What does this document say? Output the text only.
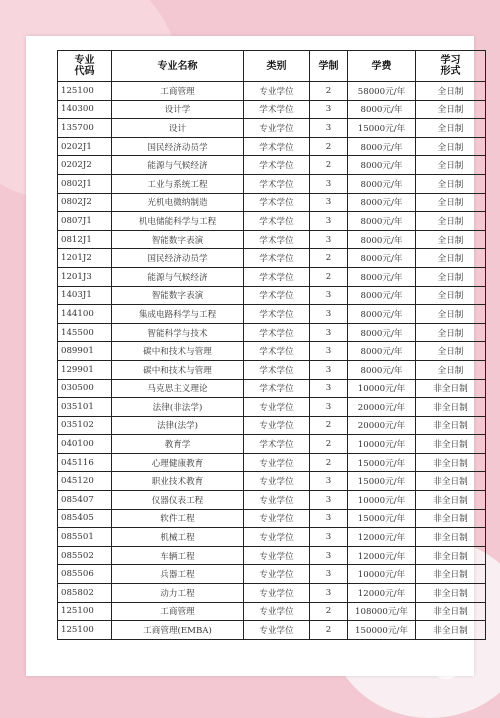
专业
代码	专业名称	类别	学制	学费	学习
形式

125100	工商管理	专业学位	2	58000元/年	全日制
140300	设计学	学术学位	3	8000元/年	全日制
135700	设计	专业学位	3	15000元/年	全日制
0202J1	国民经济动员学	学术学位	2	8000元/年	全日制
0202J2	能源与气候经济	学术学位	2	8000元/年	全日制
0802J1	工业与系统工程	学术学位	3	8000元/年	全日制
0802J2	光机电微纳制造	学术学位	3	8000元/年	全日制
0807J1	机电储能科学与工程	学术学位	3	8000元/年	全日制
0812J1	智能数字表演	学术学位	3	8000元/年	全日制
1201J2	国民经济动员学	学术学位	2	8000元/年	全日制
1201J3	能源与气候经济	学术学位	2	8000元/年	全日制
1403J1	智能数字表演	学术学位	3	8000元/年	全日制
144100	集成电路科学与工程	学术学位	3	8000元/年	全日制
145500	智能科学与技术	学术学位	3	8000元/年	全日制
089901	碳中和技术与管理	学术学位	3	8000元/年	全日制
129901	碳中和技术与管理	学术学位	3	8000元/年	全日制
030500	马克思主义理论	学术学位	3	10000元/年	非全日制
035101	法律(非法学)	专业学位	3	20000元/年	非全日制
035102	法律(法学)	专业学位	2	20000元/年	非全日制
040100	教育学	学术学位	2	10000元/年	非全日制
045116	心理健康教育	专业学位	2	15000元/年	非全日制
045120	职业技术教育	专业学位	3	15000元/年	非全日制
085407	仪器仪表工程	专业学位	3	10000元/年	非全日制
085405	软件工程	专业学位	3	15000元/年	非全日制
085501	机械工程	专业学位	3	12000元/年	非全日制
085502	车辆工程	专业学位	3	12000元/年	非全日制
085506	兵器工程	专业学位	3	10000元/年	非全日制
085802	动力工程	专业学位	3	12000元/年	非全日制
125100	工商管理	专业学位	2	108000元/年	非全日制
125100	工商管理(EMBA)	专业学位	2	150000元/年	非全日制
